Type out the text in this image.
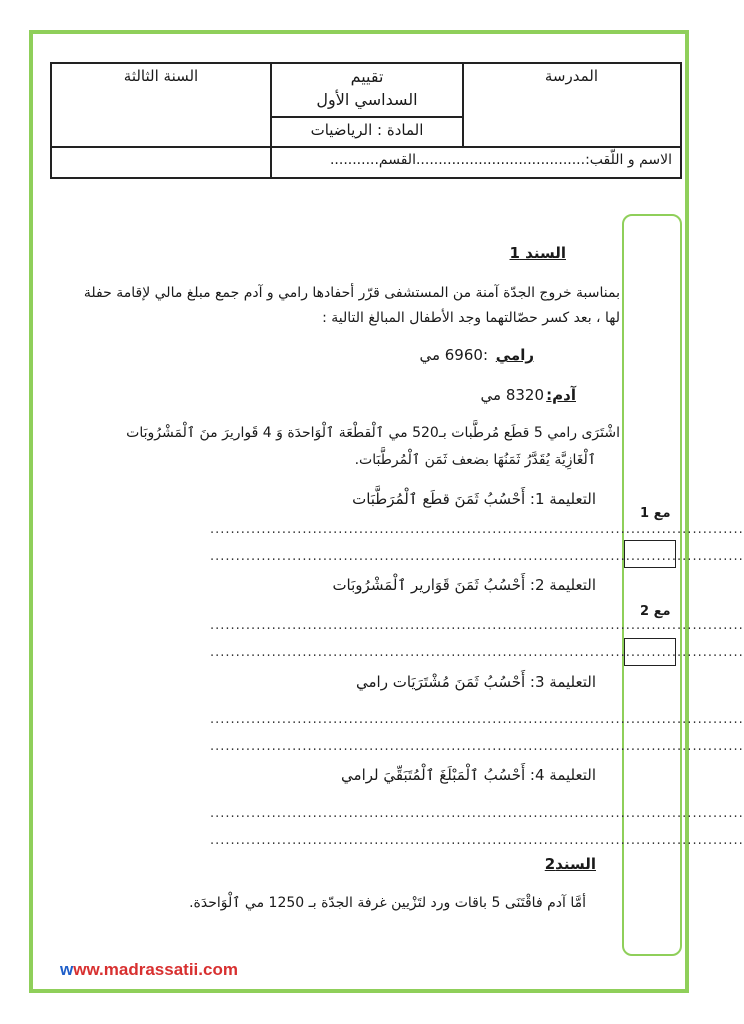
المدرسة
تقييم
السداسي الأول
المادة : الرياضيات
السنة الثالثة
الاسم و اللّقب:......................................القسم...........
مع 1
مع 2
السند 1
بمناسبة خروج الجدّة آمنة من المستشفى قرّر أحفادها رامي و آدم جمع مبلغ مالي لإقامة حفلة
لها ، بعد كسر حصّالتهما وجد الأطفال المبالغ التالية :
رامي
:6960 مي
آدم:
8320 مي
اشْتَرَى رامي 5 قطَع مُرطَّبات بـ520 مي ٱلْقطْعَة ٱلْوَاحدَة وَ 4 قَواريرَ منَ ٱلْمَشْرُوبَات
ٱلْغَازِيَّة يُقَدَّرُ ثَمَنُهَا بضعف ثَمَن ٱلْمُرطَّبَات.
التعليمة 1: أَحْسُبُ ثَمَنَ قطَع ٱلْمُرَطَّبَات
........................................................................................................
........................................................................................................
التعليمة 2: أَحْسُبُ ثَمَنَ قَوَارير ٱلْمَشْرُوبَات
........................................................................................................
........................................................................................................
التعليمة 3: أَحْسُبُ ثَمَنَ مُشْتَرَيَات رامي
........................................................................................................
........................................................................................................
التعليمة 4: أَحْسُبُ ٱلْمَبْلَغَ ٱلْمُتَبَقِّيَ لرامي
........................................................................................................
........................................................................................................
السند2
أمَّا آدم فاقْتَنَى 5 باقات ورد لتَزْيين غرفة الجدّة بـ 1250 مي ٱلْوَاحدَة.
www.madrassatii.com
